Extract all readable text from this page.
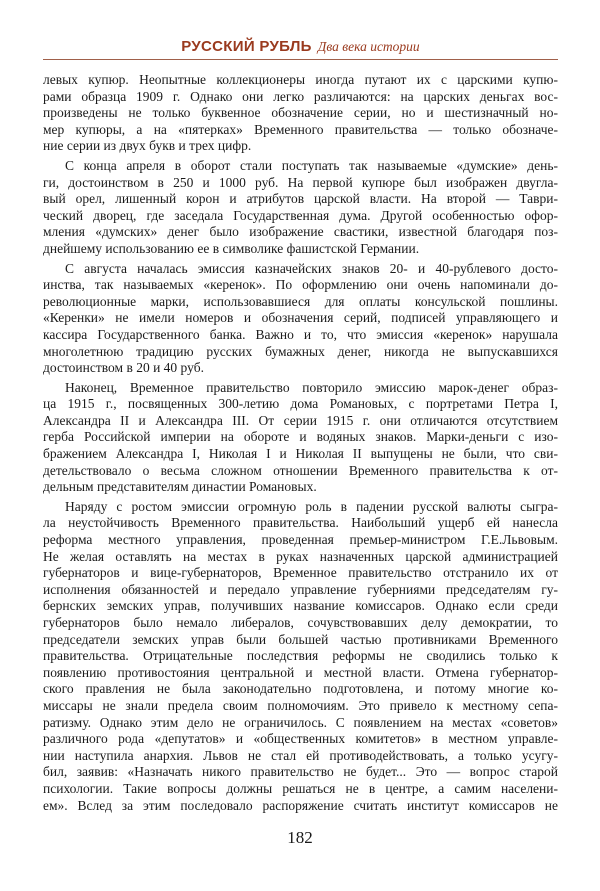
РУССКИЙ РУБЛЬ Два века истории
левых купюр. Неопытные коллекционеры иногда путают их с царскими купю-
рами образца 1909 г. Однако они легко различаются: на царских деньгах вос-
произведены не только буквенное обозначение серии, но и шестизначный но-
мер купюры, а на «пятерках» Временного правительства — только обозначе-
ние серии из двух букв и трех цифр.
С конца апреля в оборот стали поступать так называемые «думские» день-
ги, достоинством в 250 и 1000 руб. На первой купюре был изображен двугла-
вый орел, лишенный корон и атрибутов царской власти. На второй — Таври-
ческий дворец, где заседала Государственная дума. Другой особенностью офор-
мления «думских» денег было изображение свастики, известной благодаря поз-
днейшему использованию ее в символике фашистской Германии.
С августа началась эмиссия казначейских знаков 20- и 40-рублевого досто-
инства, так называемых «керенок». По оформлению они очень напоминали до-
революционные марки, использовавшиеся для оплаты консульской пошлины.
«Керенки» не имели номеров и обозначения серий, подписей управляющего и
кассира Государственного банка. Важно и то, что эмиссия «керенок» нарушала
многолетнюю традицию русских бумажных денег, никогда не выпускавшихся
достоинством в 20 и 40 руб.
Наконец, Временное правительство повторило эмиссию марок-денег образ-
ца 1915 г., посвященных 300-летию дома Романовых, с портретами Петра I,
Александра II и Александра III. От серии 1915 г. они отличаются отсутствием
герба Российской империи на обороте и водяных знаков. Марки-деньги с изо-
бражением Александра I, Николая I и Николая II выпущены не были, что сви-
детельствовало о весьма сложном отношении Временного правительства к от-
дельным представителям династии Романовых.
Наряду с ростом эмиссии огромную роль в падении русской валюты сыгра-
ла неустойчивость Временного правительства. Наибольший ущерб ей нанесла
реформа местного управления, проведенная премьер-министром Г.Е.Львовым.
Не желая оставлять на местах в руках назначенных царской администрацией
губернаторов и вице-губернаторов, Временное правительство отстранило их от
исполнения обязанностей и передало управление губерниями председателям гу-
бернских земских управ, получивших название комиссаров. Однако если среди
губернаторов было немало либералов, сочувствовавших делу демократии, то
председатели земских управ были большей частью противниками Временного
правительства. Отрицательные последствия реформы не сводились только к
появлению противостояния центральной и местной власти. Отмена губернатор-
ского правления не была законодательно подготовлена, и потому многие ко-
миссары не знали предела своим полномочиям. Это привело к местному сепа-
ратизму. Однако этим дело не ограничилось. С появлением на местах «советов»
различного рода «депутатов» и «общественных комитетов» в местном управле-
нии наступила анархия. Львов не стал ей противодействовать, а только усугу-
бил, заявив: «Назначать никого правительство не будет... Это — вопрос старой
психологии. Такие вопросы должны решаться не в центре, а самим населени-
ем». Вслед за этим последовало распоряжение считать институт комиссаров не
182
